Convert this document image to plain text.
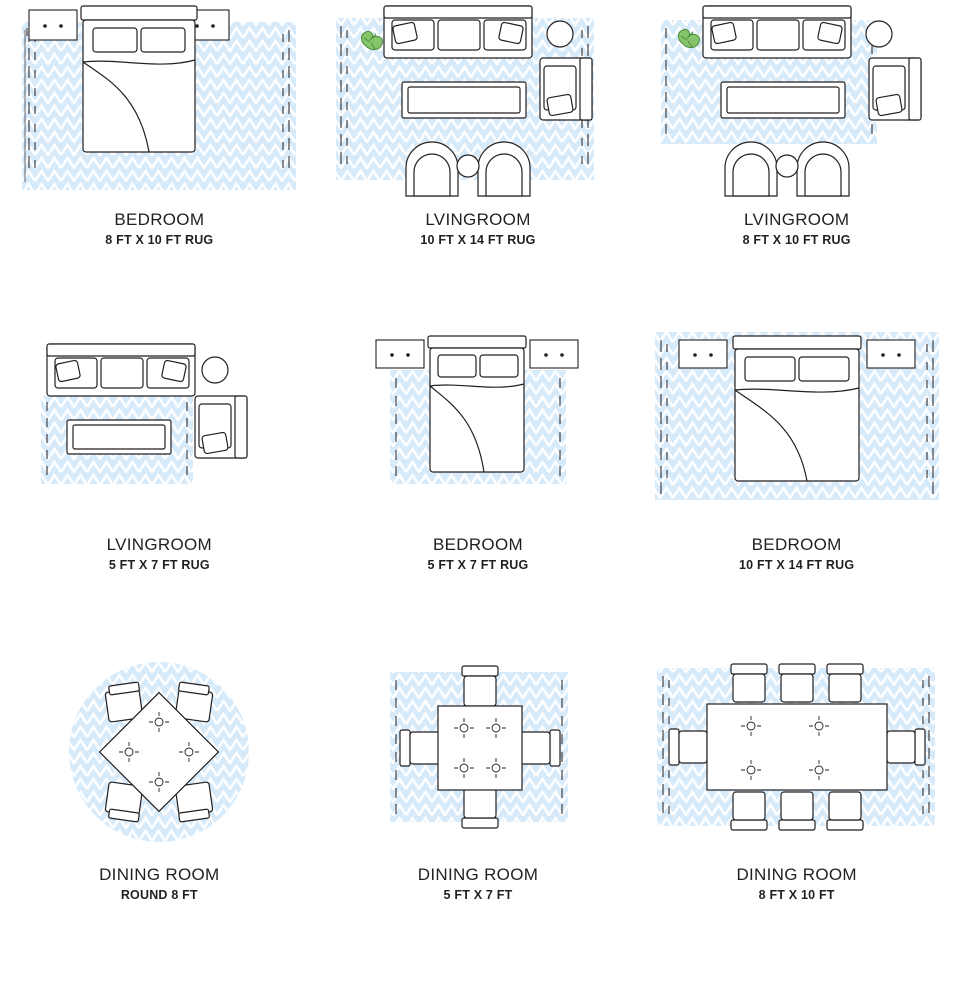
BEDROOM
8 FT X 10 FT RUG
LVINGROOM
10 FT X 14 FT RUG
LVINGROOM
8 FT X 10 FT RUG
LVINGROOM
5 FT X 7 FT RUG
BEDROOM
5 FT X 7 FT RUG
BEDROOM
10 FT X 14 FT RUG
DINING ROOM
ROUND 8 FT
DINING ROOM
5 FT X 7 FT
DINING ROOM
8 FT X 10 FT
